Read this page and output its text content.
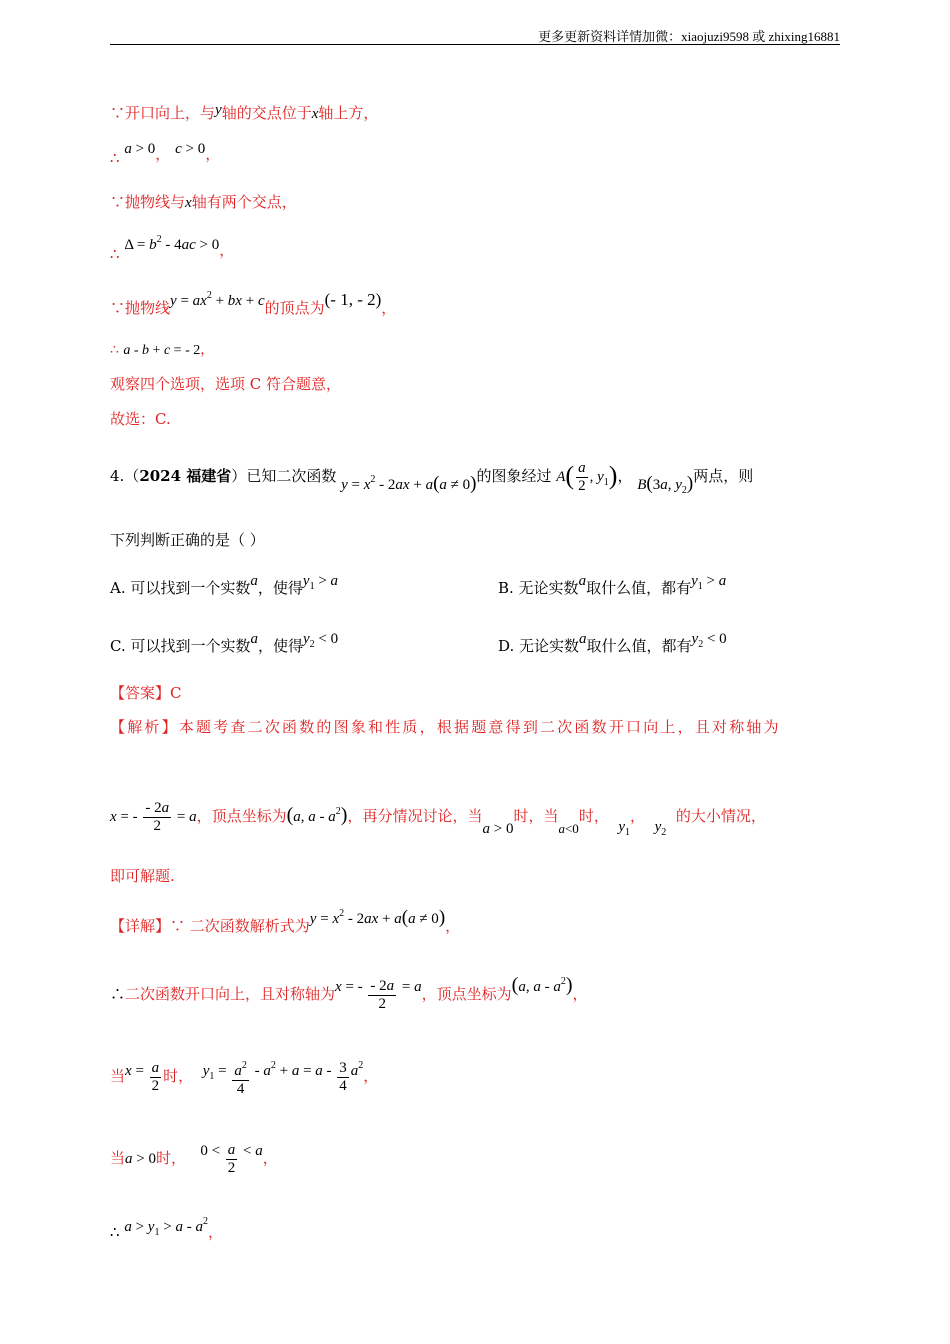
更多更新资料详情加微：xiaojuzi9598 或 zhixing16881
∵开口向上，与y轴的交点位于x轴上方，
∴ a > 0， c > 0，
∵抛物线与x轴有两个交点，
∴ $\Delta = b^2 - 4ac > 0$，
∵抛物线$y = ax^2$ + bx + c的顶点为(- 1, - 2)，
∴ a - b + c = - 2，
观察四个选项，选项 C 符合题意，
故选：C.
4.（2024 福建省）已知二次函数 $y = x^2 - 2ax + a(a \ne 0)$的图象经过 $A( \frac{a}{2}$ , $y_1$)， B(3a, $y_2$)两点，则
下列判断正确的是（ ）
A. 可以找到一个实数a，使得$y_1 > a$	B. 无论实数a取什么值，都有$y_1 > a$
C. 可以找到一个实数a，使得$y_2 < 0$	D. 无论实数a取什么值，都有$y_2 < 0$
【答案】C
【解析】本题考查二次函数的图象和性质，根据题意得到二次函数开口向上，且对称轴为
x = - $\frac{- 2a}{2} = a$，顶点坐标为(a, a - $a^2$)，再分情况讨论，当a > 0时，当a<0时，  $y_1$，  $y_2$  的大小情况，
即可解题.
【详解】∵ 二次函数解析式为$y = x^2 - 2ax + a(a \ne 0)$，
∴二次函数开口向上，且对称轴为x = - $\frac{- 2a}{2} = a$，顶点坐标为(a, a - $a^2$)，
当$x = \frac{a}{2}$ 时， $y_1 = \frac{a^2}{4} - a^2 + a = a - \frac{3}{4} a^2$，
当a > 0时， $0 < \frac{a}{2} < a$，
∴ $a > y_1 > a - a^2$，
